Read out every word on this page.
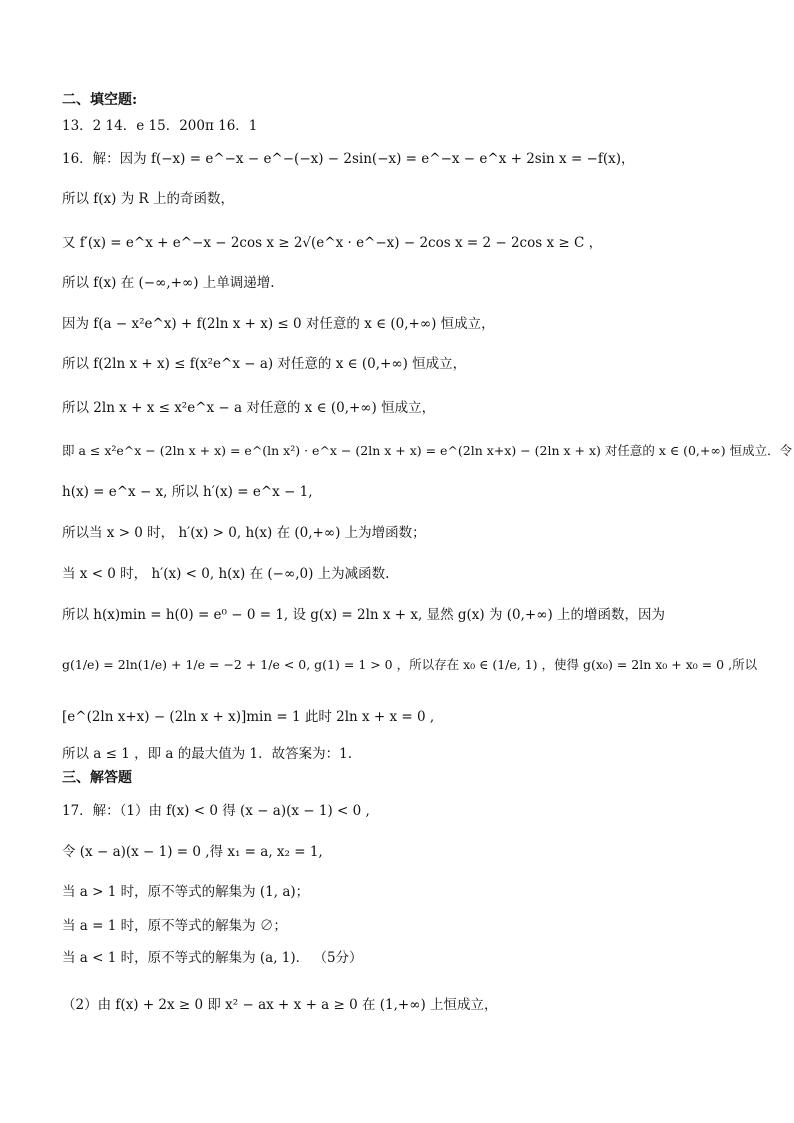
二、填空题:
13．2 14．e 15．200π 16．1
16．解：因为 f(−x) = e^−x − e^−(−x) − 2sin(−x) = e^−x − e^x + 2sin x = −f(x)，
所以 f(x) 为 R 上的奇函数，
又 f′(x) = e^x + e^−x − 2cos x ≥ 2√(e^x · e^−x) − 2cos x = 2 − 2cos x ≥ C ，
所以 f(x) 在 (−∞,+∞) 上单调递增.
因为 f(a − x²e^x) + f(2ln x + x) ≤ 0 对任意的 x ∈ (0,+∞) 恒成立，
所以 f(2ln x + x) ≤ f(x²e^x − a) 对任意的 x ∈ (0,+∞) 恒成立，
所以 2ln x + x ≤ x²e^x − a 对任意的 x ∈ (0,+∞) 恒成立，
即 a ≤ x²e^x − (2ln x + x) = e^(ln x²) · e^x − (2ln x + x) = e^(2ln x+x) − (2ln x + x) 对任意的 x ∈ (0,+∞) 恒成立．令
h(x) = e^x − x, 所以 h′(x) = e^x − 1,
所以当 x > 0 时， h′(x) > 0, h(x) 在 (0,+∞) 上为增函数；
当 x < 0 时， h′(x) < 0, h(x) 在 (−∞,0) 上为减函数.
所以 h(x)min = h(0) = e⁰ − 0 = 1, 设 g(x) = 2ln x + x, 显然 g(x) 为 (0,+∞) 上的增函数，因为
g(1/e) = 2ln(1/e) + 1/e = −2 + 1/e < 0, g(1) = 1 > 0 ，所以存在 x₀ ∈ (1/e, 1) ，使得 g(x₀) = 2ln x₀ + x₀ = 0 ,所以
[e^(2ln x+x) − (2ln x + x)]min = 1 此时 2ln x + x = 0 ,
所以 a ≤ 1 ，即 a 的最大值为 1．故答案为：1.
三、解答题
17．解：（1）由 f(x) < 0 得 (x − a)(x − 1) < 0 ,
令 (x − a)(x − 1) = 0 ,得 x₁ = a, x₂ = 1,
当 a > 1 时，原不等式的解集为 (1, a)；
当 a = 1 时，原不等式的解集为 ∅；
当 a < 1 时，原不等式的解集为 (a, 1)． （5分）
（2）由 f(x) + 2x ≥ 0 即 x² − ax + x + a ≥ 0 在 (1,+∞) 上恒成立，
